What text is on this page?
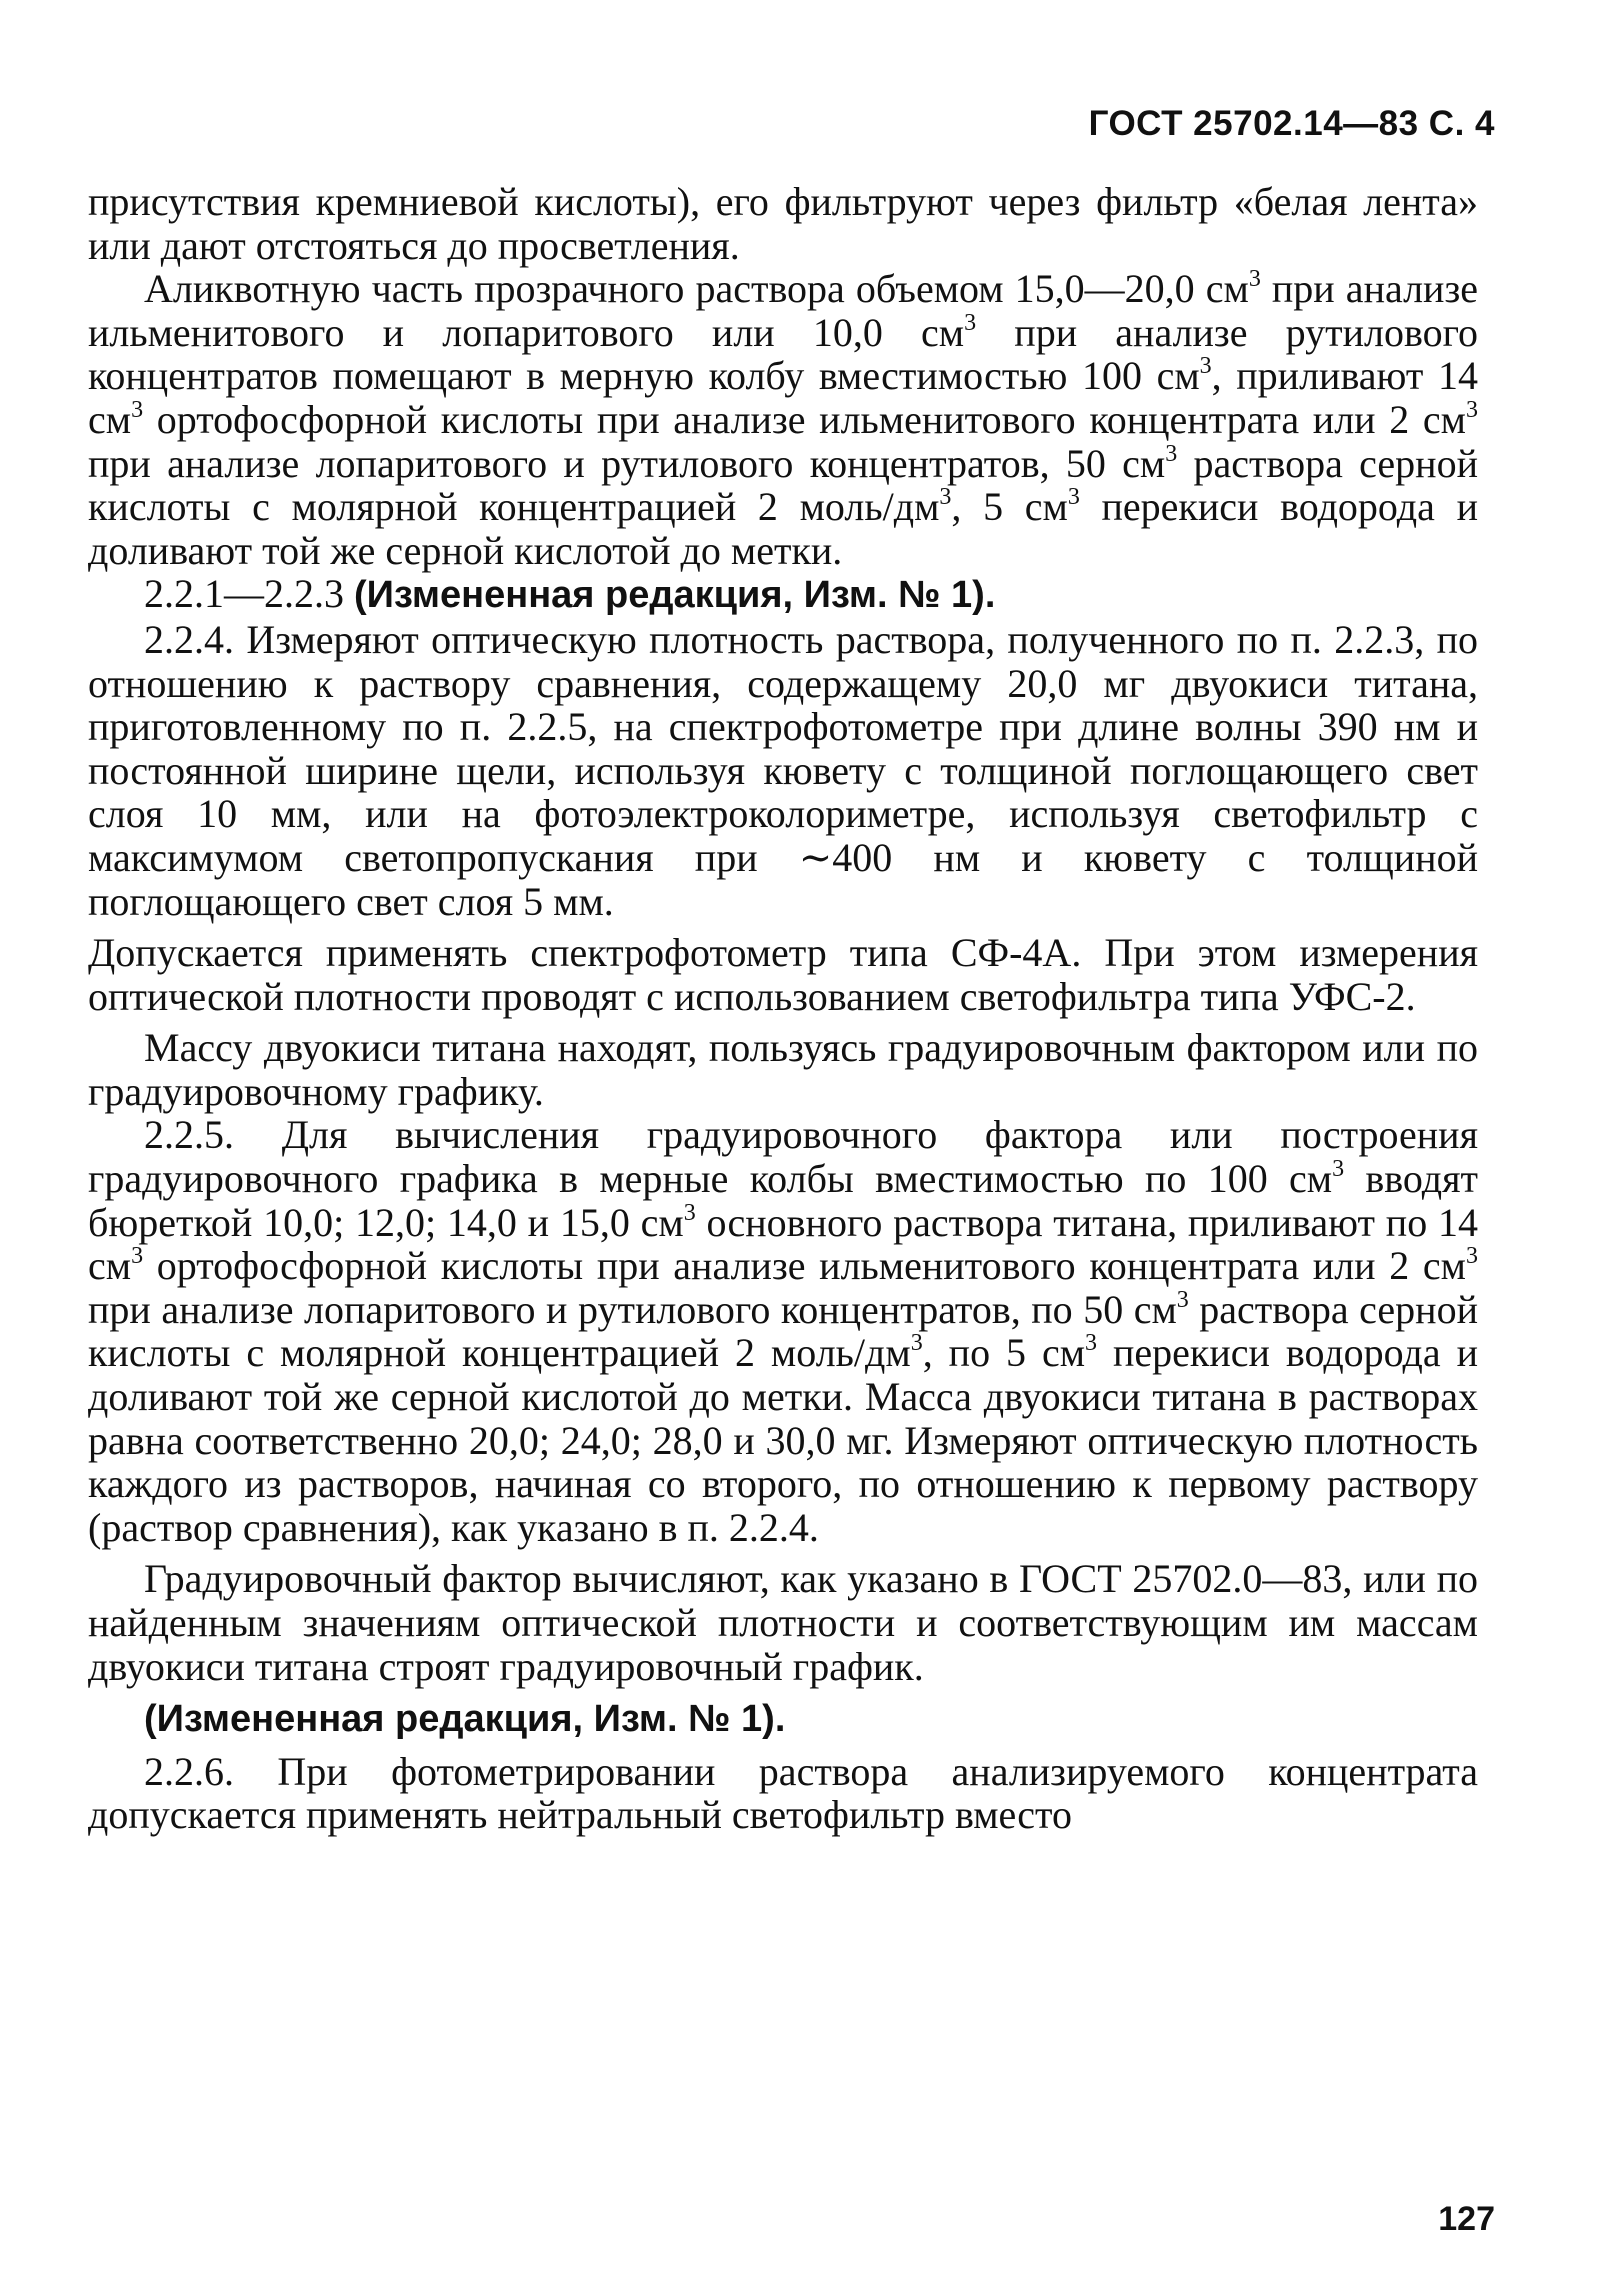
ГОСТ 25702.14—83 С. 4

присутствия кремниевой кислоты), его фильтруют через фильтр «белая лента» или дают отстояться до просветления.

Аликвотную часть прозрачного раствора объемом 15,0—20,0 $см^3$ при анализе ильменитового и лопаритового или 10,0 $см^3$ при анализе рутилового концентратов помещают в мерную колбу вместимостью 100 $см^3$, приливают 14 $см^3$ ортофосфорной кислоты при анализе ильменитового концентрата или 2 $см^3$ при анализе лопаритового и рутилового концентратов, 50 $см^3$ раствора серной кислоты с молярной концентрацией 2 моль/$дм^3$, 5 $см^3$ перекиси водорода и доливают той же серной кислотой до метки.

2.2.1—2.2.3 (Измененная редакция, Изм. № 1).

2.2.4. Измеряют оптическую плотность раствора, полученного по п. 2.2.3, по отношению к раствору сравнения, содержащему 20,0 мг двуокиси титана, приготовленному по п. 2.2.5, на спектрофотометре при длине волны 390 нм и постоянной ширине щели, используя кювету с толщиной поглощающего свет слоя 10 мм, или на фотоэлектроколориметре, используя светофильтр с максимумом светопропускания при ∼400 нм и кювету с толщиной поглощающего свет слоя 5 мм.

Допускается применять спектрофотометр типа СФ-4А. При этом измерения оптической плотности проводят с использованием светофильтра типа УФС-2.

Массу двуокиси титана находят, пользуясь градуировочным фактором или по градуировочному графику.

2.2.5. Для вычисления градуировочного фактора или построения градуировочного графика в мерные колбы вместимостью по 100 $см^3$ вводят бюреткой 10,0; 12,0; 14,0 и 15,0 $см^3$ основного раствора титана, приливают по 14 $см^3$ ортофосфорной кислоты при анализе ильменитового концентрата или 2 $см^3$ при анализе лопаритового и рутилового концентратов, по 50 $см^3$ раствора серной кислоты с молярной концентрацией 2 моль/$дм^3$, по 5 $см^3$ перекиси водорода и доливают той же серной кислотой до метки. Масса двуокиси титана в растворах равна соответственно 20,0; 24,0; 28,0 и 30,0 мг. Измеряют оптическую плотность каждого из растворов, начиная со второго, по отношению к первому раствору (раствор сравнения), как указано в п. 2.2.4.

Градуировочный фактор вычисляют, как указано в ГОСТ 25702.0—83, или по найденным значениям оптической плотности и соответствующим им массам двуокиси титана строят градуировочный график.

(Измененная редакция, Изм. № 1).

2.2.6. При фотометрировании раствора анализируемого концентрата допускается применять нейтральный светофильтр вместо

127
